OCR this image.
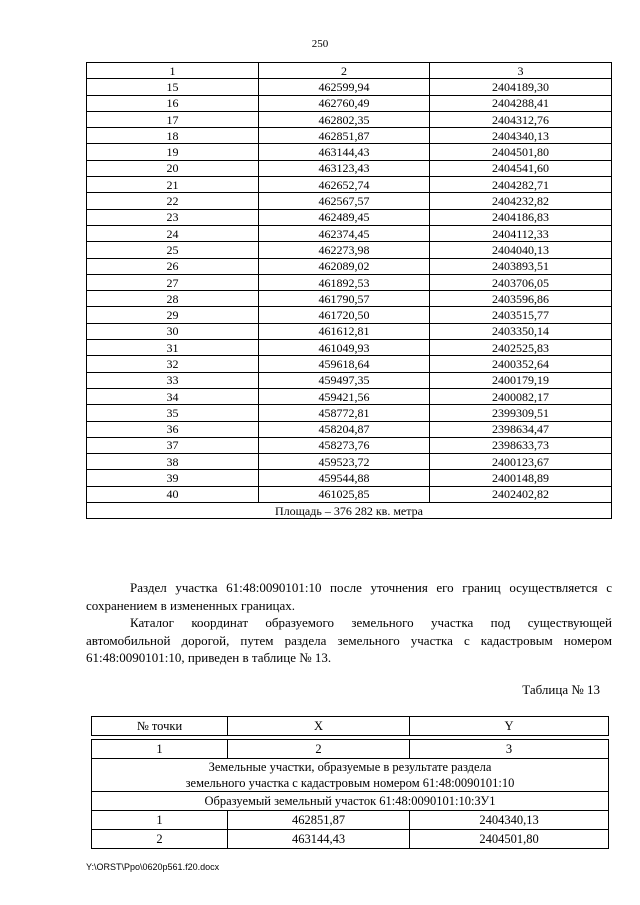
250
1	2	3
15	462599,94	2404189,30
16	462760,49	2404288,41
17	462802,35	2404312,76
18	462851,87	2404340,13
19	463144,43	2404501,80
20	463123,43	2404541,60
21	462652,74	2404282,71
22	462567,57	2404232,82
23	462489,45	2404186,83
24	462374,45	2404112,33
25	462273,98	2404040,13
26	462089,02	2403893,51
27	461892,53	2403706,05
28	461790,57	2403596,86
29	461720,50	2403515,77
30	461612,81	2403350,14
31	461049,93	2402525,83
32	459618,64	2400352,64
33	459497,35	2400179,19
34	459421,56	2400082,17
35	458772,81	2399309,51
36	458204,87	2398634,47
37	458273,76	2398633,73
38	459523,72	2400123,67
39	459544,88	2400148,89
40	461025,85	2402402,82
Площадь – 376 282 кв. метра		
Раздел участка 61:48:0090101:10 после уточнения его границ осуществляется с сохранением в измененных границах.
Каталог координат образуемого земельного участка под существующей автомобильной дорогой, путем раздела земельного участка с кадастровым номером 61:48:0090101:10, приведен в таблице № 13.
Таблица № 13
№ точки	X	Y

1	2	3

Земельные участки, образуемые в результате раздела
земельного участка с кадастровым номером 61:48:0090101:10		

Образуемый земельный участок 61:48:0090101:10:ЗУ1		
1	462851,87	2404340,13
2	463144,43	2404501,80
Y:\ORST\Ppo\0620p561.f20.docx
